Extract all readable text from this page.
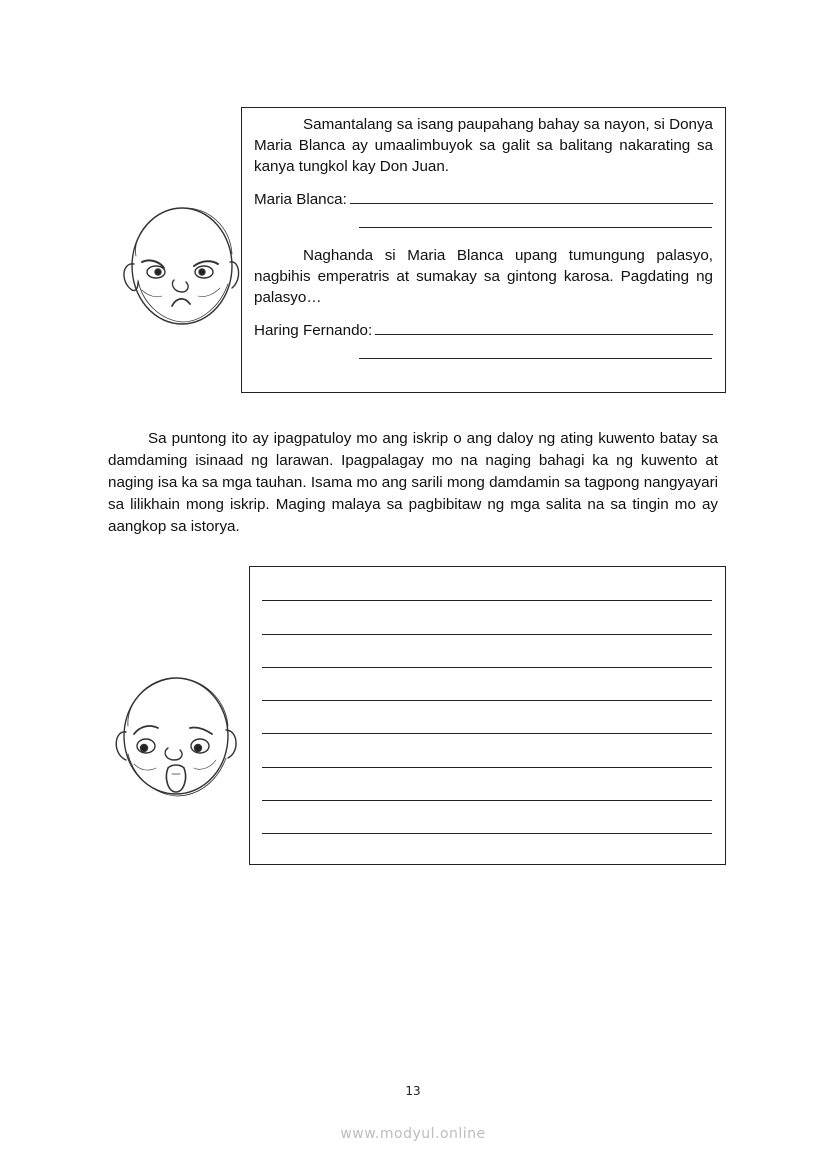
Samantalang sa isang paupahang bahay sa nayon, si Donya Maria Blanca ay umaalimbuyok sa galit sa balitang nakarating sa kanya tungkol kay Don Juan.

Maria Blanca:

Naghanda si Maria Blanca upang tumungung palasyo, nagbihis emperatris at sumakay sa gintong karosa. Pagdating ng palasyo…

Haring Fernando:

Sa puntong ito ay ipagpatuloy mo ang iskrip o ang daloy ng ating kuwento batay sa damdaming isinaad ng larawan. Ipagpalagay mo na naging bahagi ka ng kuwento at naging isa ka sa mga tauhan. Isama mo ang sarili mong damdamin sa tagpong nangyayari sa lilikhain mong iskrip. Maging malaya sa pagbibitaw ng mga salita na sa tingin mo ay aangkop sa istorya.

13
www.modyul.online
